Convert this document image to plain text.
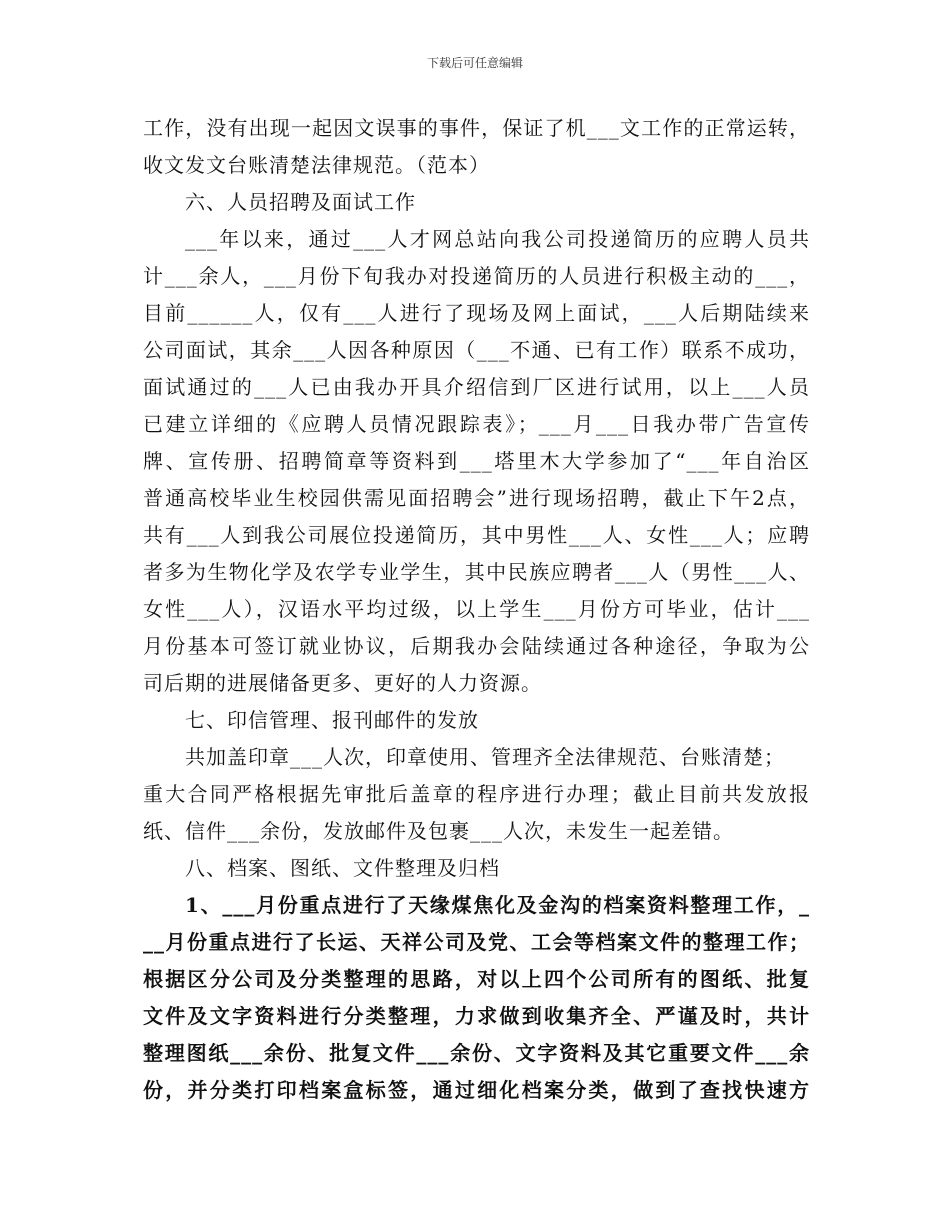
下载后可任意编辑
工作，没有出现一起因文误事的事件，保证了机___文工作的正常运转，
收文发文台账清楚法律规范。（范本）
六、人员招聘及面试工作
___年以来，通过___人才网总站向我公司投递简历的应聘人员共
计___余人，___月份下旬我办对投递简历的人员进行积极主动的___，
目前______人，仅有___人进行了现场及网上面试，___人后期陆续来
公司面试，其余___人因各种原因（___不通、已有工作）联系不成功，
面试通过的___人已由我办开具介绍信到厂区进行试用，以上___人员
已建立详细的《应聘人员情况跟踪表》；___月___日我办带广告宣传
牌、宣传册、招聘简章等资料到___塔里木大学参加了“___年自治区
普通高校毕业生校园供需见面招聘会”进行现场招聘，截止下午2点，
共有___人到我公司展位投递简历，其中男性___人、女性___人；应聘
者多为生物化学及农学专业学生，其中民族应聘者___人（男性___人、
女性___人），汉语水平均过级，以上学生___月份方可毕业，估计___
月份基本可签订就业协议，后期我办会陆续通过各种途径，争取为公
司后期的进展储备更多、更好的人力资源。
七、印信管理、报刊邮件的发放
共加盖印章___人次，印章使用、管理齐全法律规范、台账清楚；
重大合同严格根据先审批后盖章的程序进行办理；截止目前共发放报
纸、信件___余份，发放邮件及包裹___人次，未发生一起差错。
八、档案、图纸、文件整理及归档
1、___月份重点进行了天缘煤焦化及金沟的档案资料整理工作，_
__月份重点进行了长运、天祥公司及党、工会等档案文件的整理工作；
根据区分公司及分类整理的思路，对以上四个公司所有的图纸、批复
文件及文字资料进行分类整理，力求做到收集齐全、严谨及时，共计
整理图纸___余份、批复文件___余份、文字资料及其它重要文件___余
份，并分类打印档案盒标签，通过细化档案分类，做到了查找快速方
